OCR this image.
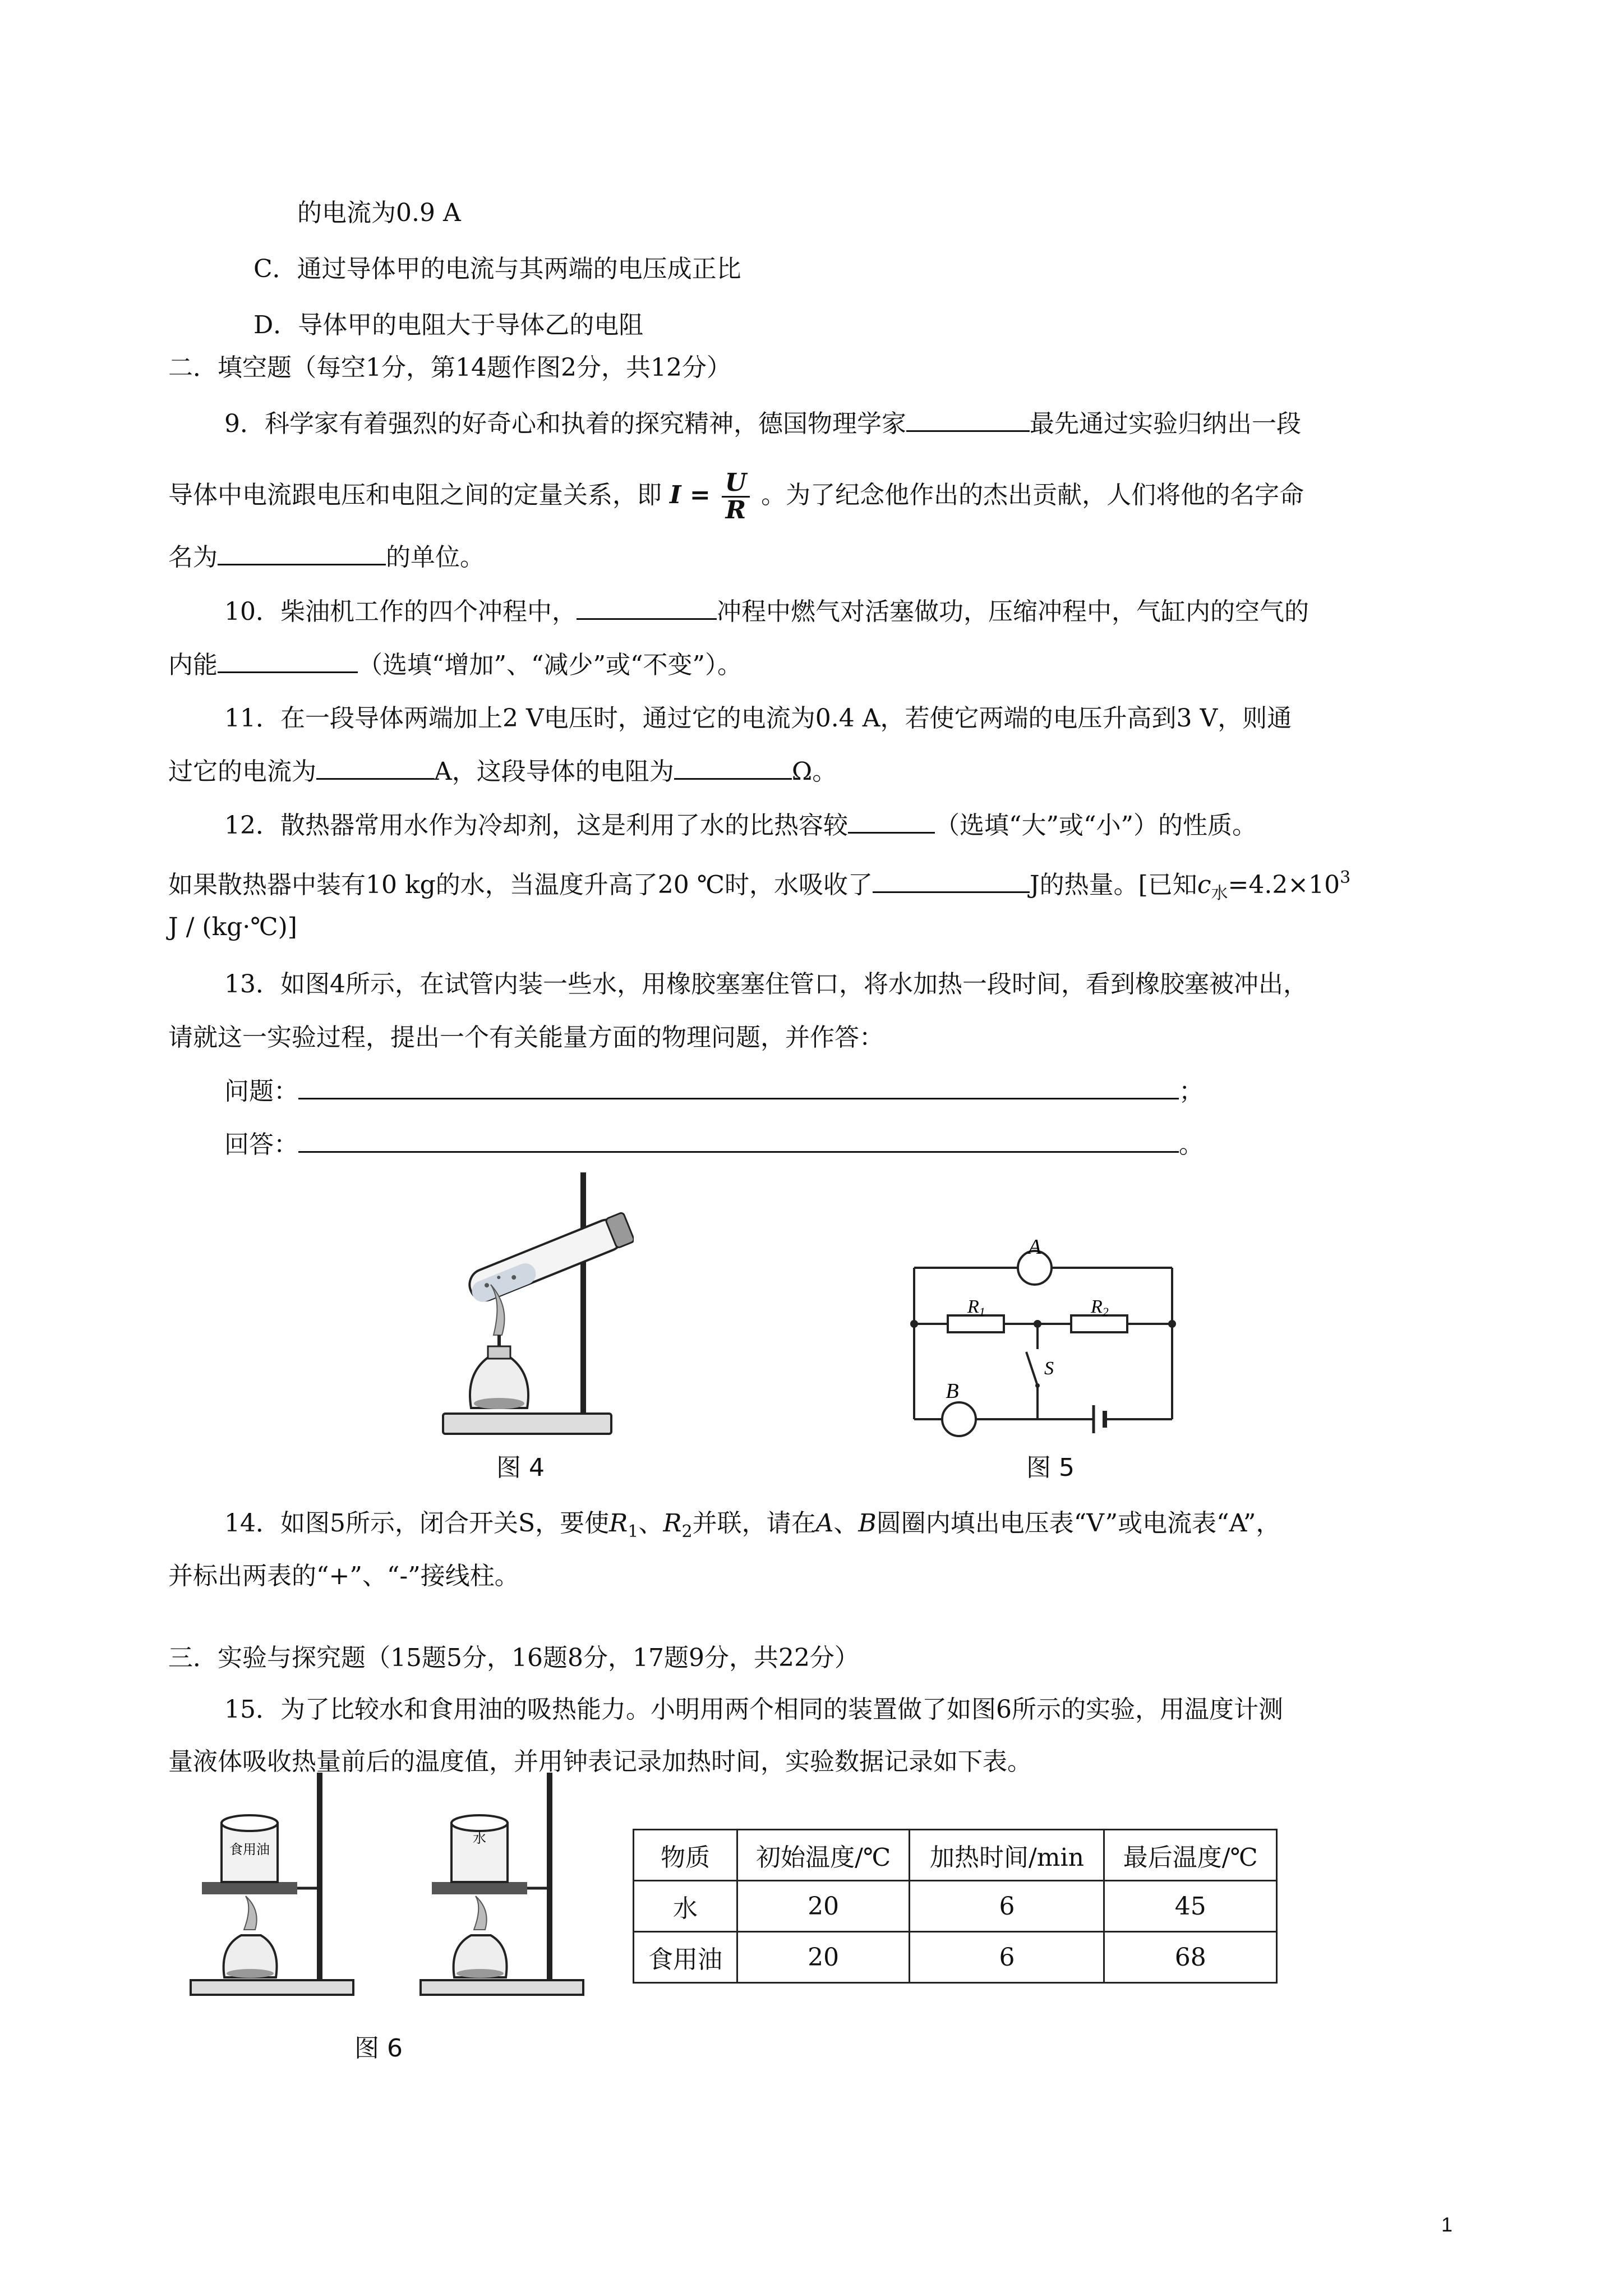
的电流为0.9 A
C．通过导体甲的电流与其两端的电压成正比
D．导体甲的电阻大于导体乙的电阻
二．填空题（每空1分，第14题作图2分，共12分）
9．科学家有着强烈的好奇心和执着的探究精神，德国物理学家	最先通过实验归纳出一段
导体中电流跟电压和电阻之间的定量关系，即 $I = \frac{U}{R}$ 。为了纪念他作出的杰出贡献，人们将他的名字命
名为	的单位。
10．柴油机工作的四个冲程中，	冲程中燃气对活塞做功，压缩冲程中，气缸内的空气的
内能	（选填“增加”、“减少”或“不变”）。
11．在一段导体两端加上2 V电压时，通过它的电流为0.4 A，若使它两端的电压升高到3 V，则通
过它的电流为	A，这段导体的电阻为	Ω。
12．散热器常用水作为冷却剂，这是利用了水的比热容较	（选填“大”或“小”）的性质。
如果散热器中装有10 kg的水，当温度升高了20 ℃时，水吸收了	J的热量。[已知$c_水=4.2\times 10^3$
J / (kg·℃)]
13．如图4所示，在试管内装一些水，用橡胶塞塞住管口，将水加热一段时间，看到橡胶塞被冲出，
请就这一实验过程，提出一个有关能量方面的物理问题，并作答：
问题：	；
回答：	。
图 4
A
R1	R2
S
B
图 5
14．如图5所示，闭合开关S，要使$R_1$、$R_2$并联，请在A、B圆圈内填出电压表“V”或电流表“A”，
并标出两表的“+”、“-”接线柱。
三．实验与探究题（15题5分，16题8分，17题9分，共22分）
15．为了比较水和食用油的吸热能力。小明用两个相同的装置做了如图6所示的实验，用温度计测
量液体吸收热量前后的温度值，并用钟表记录加热时间，实验数据记录如下表。
食用油
水
图 6
物质	初始温度/℃	加热时间/min	最后温度/℃
水	20	6	45
食用油	20	6	68
1
